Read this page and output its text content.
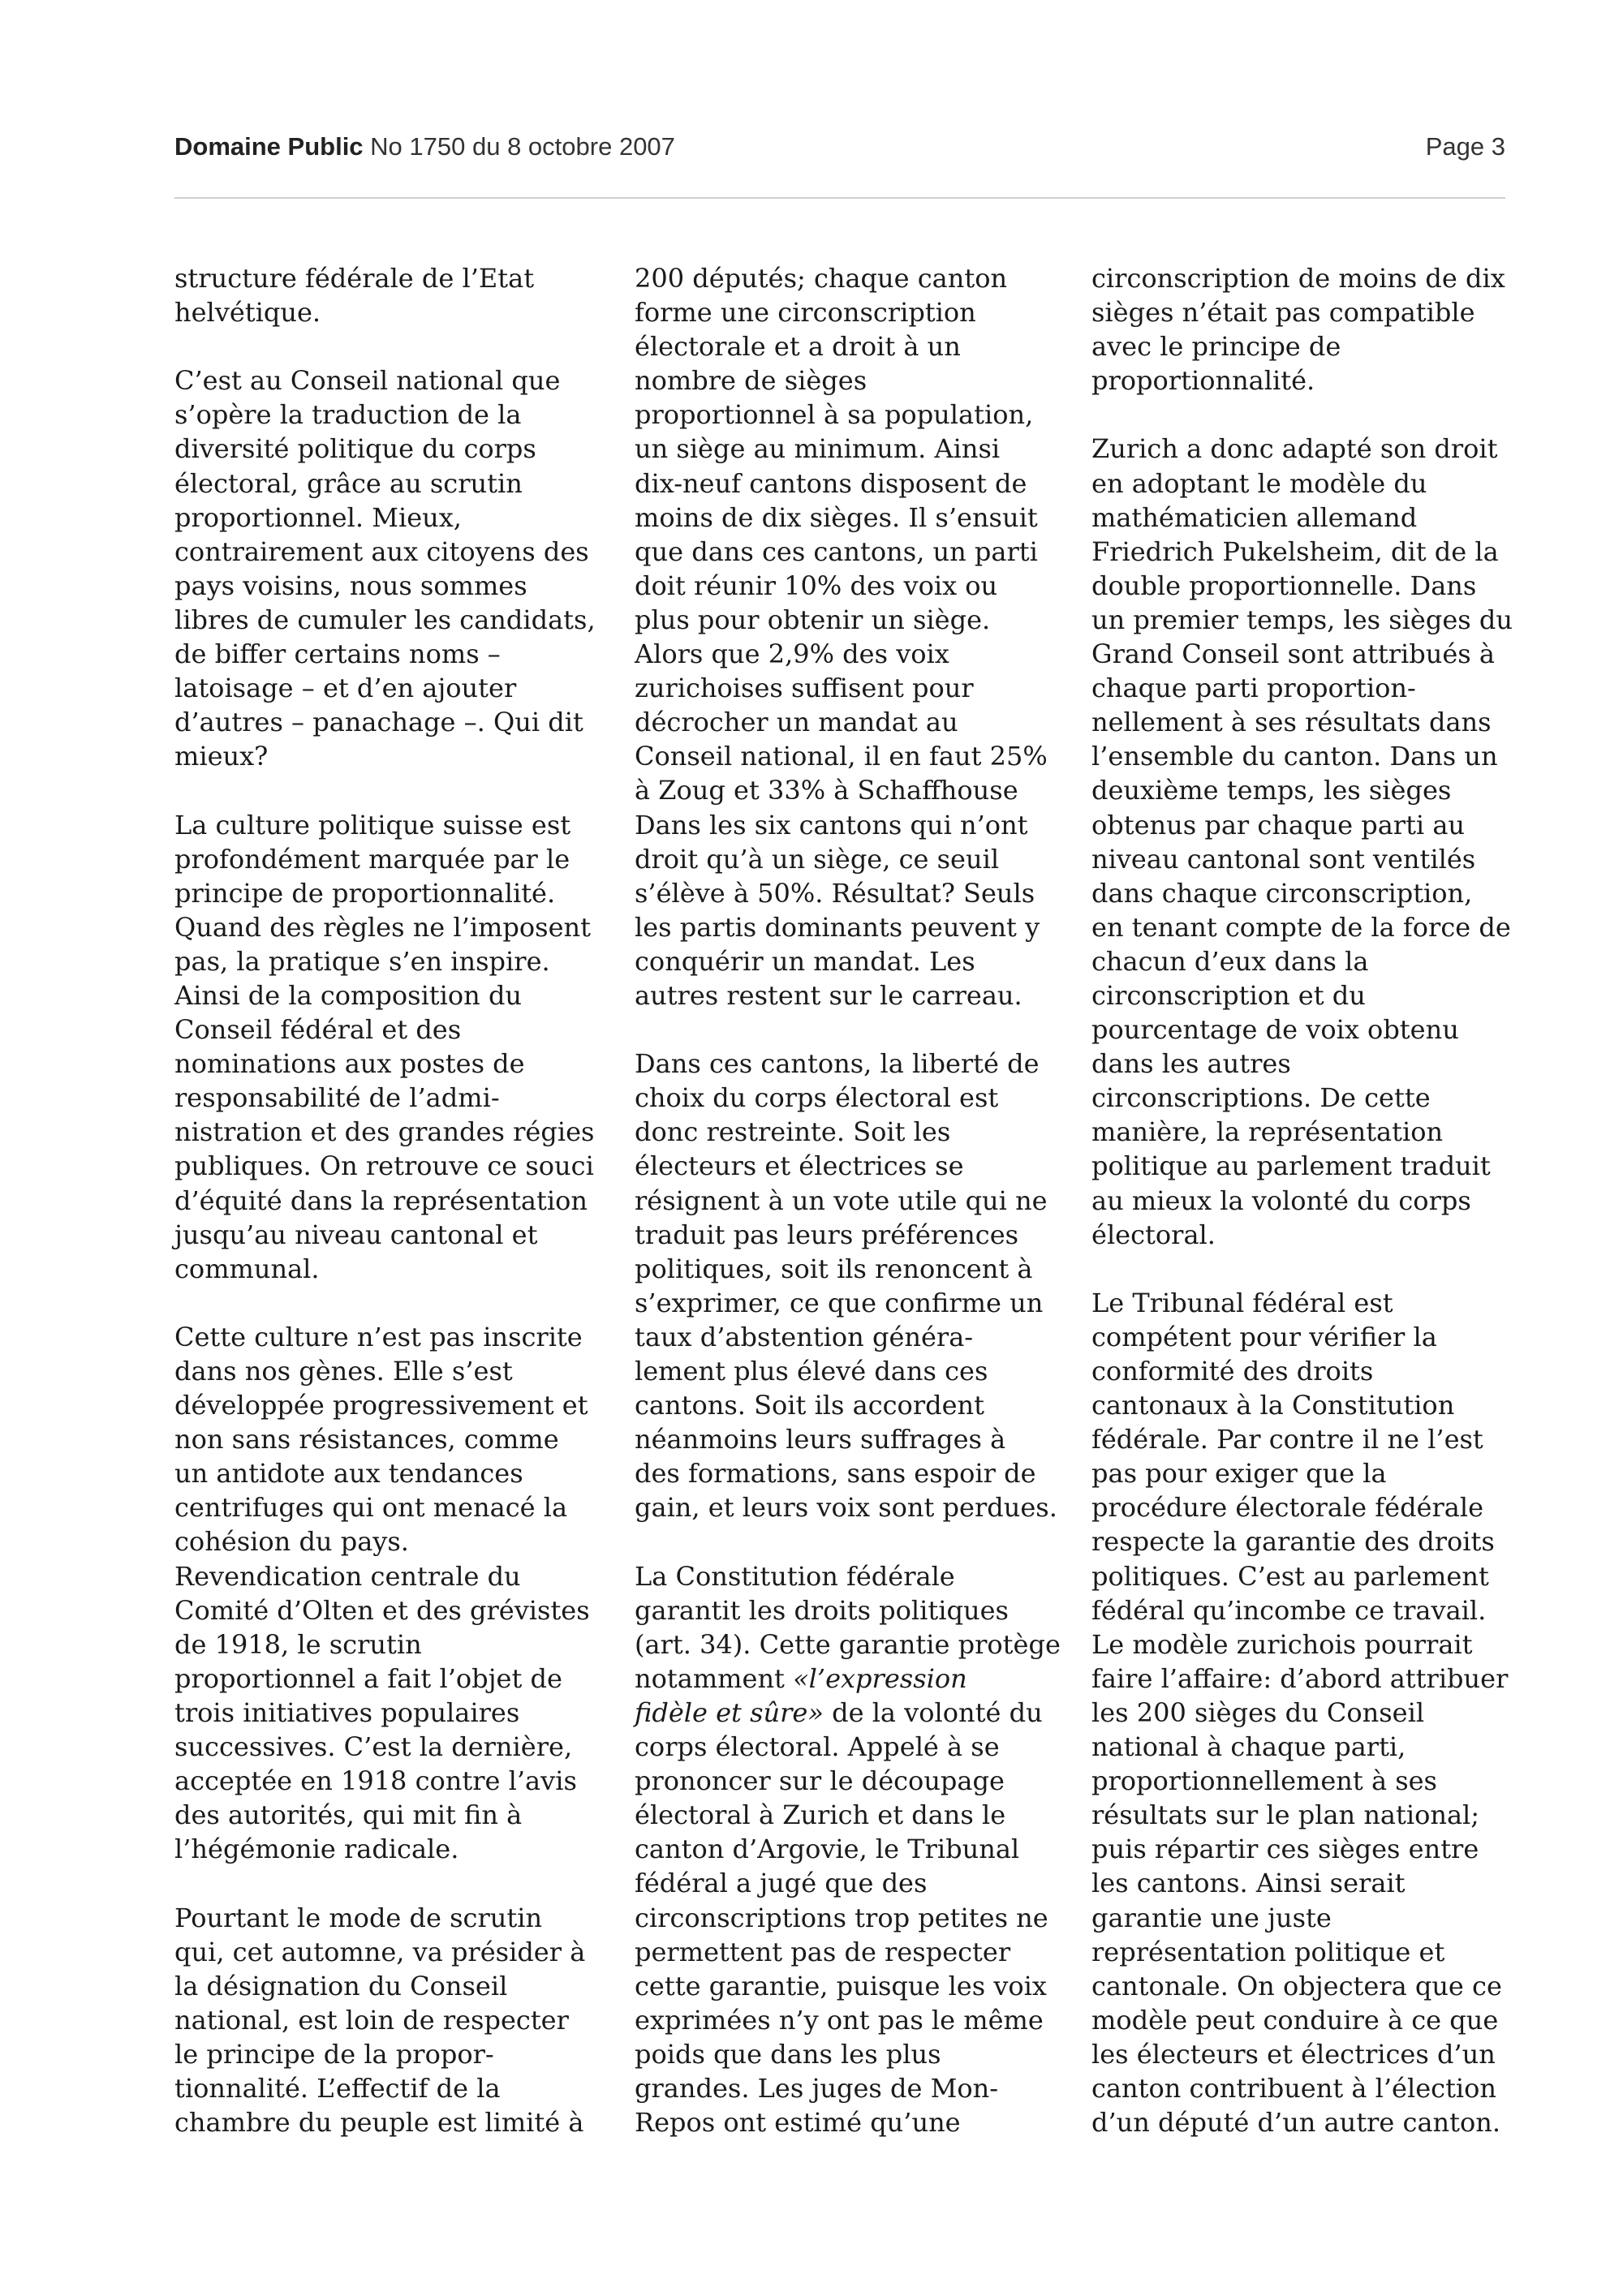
Domaine Public No 1750 du 8 octobre 2007	Page 3

structure fédérale de l’Etat
helvétique.

C’est au Conseil national que
s’opère la traduction de la
diversité politique du corps
électoral, grâce au scrutin
proportionnel. Mieux,
contrairement aux citoyens des
pays voisins, nous sommes
libres de cumuler les candidats,
de biffer certains noms –
latoisage – et d’en ajouter
d’autres – panachage –. Qui dit
mieux?

La culture politique suisse est
profondément marquée par le
principe de proportionnalité.
Quand des règles ne l’imposent
pas, la pratique s’en inspire.
Ainsi de la composition du
Conseil fédéral et des
nominations aux postes de
responsabilité de l’admi-
nistration et des grandes régies
publiques. On retrouve ce souci
d’équité dans la représentation
jusqu’au niveau cantonal et
communal.

Cette culture n’est pas inscrite
dans nos gènes. Elle s’est
développée progressivement et
non sans résistances, comme
un antidote aux tendances
centrifuges qui ont menacé la
cohésion du pays.
Revendication centrale du
Comité d’Olten et des grévistes
de 1918, le scrutin
proportionnel a fait l’objet de
trois initiatives populaires
successives. C’est la dernière,
acceptée en 1918 contre l’avis
des autorités, qui mit fin à
l’hégémonie radicale.

Pourtant le mode de scrutin
qui, cet automne, va présider à
la désignation du Conseil
national, est loin de respecter
le principe de la propor-
tionnalité. L’effectif de la
chambre du peuple est limité à

200 députés; chaque canton
forme une circonscription
électorale et a droit à un
nombre de sièges
proportionnel à sa population,
un siège au minimum. Ainsi
dix-neuf cantons disposent de
moins de dix sièges. Il s’ensuit
que dans ces cantons, un parti
doit réunir 10% des voix ou
plus pour obtenir un siège.
Alors que 2,9% des voix
zurichoises suffisent pour
décrocher un mandat au
Conseil national, il en faut 25%
à Zoug et 33% à Schaffhouse
Dans les six cantons qui n’ont
droit qu’à un siège, ce seuil
s’élève à 50%. Résultat? Seuls
les partis dominants peuvent y
conquérir un mandat. Les
autres restent sur le carreau.

Dans ces cantons, la liberté de
choix du corps électoral est
donc restreinte. Soit les
électeurs et électrices se
résignent à un vote utile qui ne
traduit pas leurs préférences
politiques, soit ils renoncent à
s’exprimer, ce que confirme un
taux d’abstention généra-
lement plus élevé dans ces
cantons. Soit ils accordent
néanmoins leurs suffrages à
des formations, sans espoir de
gain, et leurs voix sont perdues.

La Constitution fédérale
garantit les droits politiques
(art. 34). Cette garantie protège
notamment «l’expression
fidèle et sûre» de la volonté du
corps électoral. Appelé à se
prononcer sur le découpage
électoral à Zurich et dans le
canton d’Argovie, le Tribunal
fédéral a jugé que des
circonscriptions trop petites ne
permettent pas de respecter
cette garantie, puisque les voix
exprimées n’y ont pas le même
poids que dans les plus
grandes. Les juges de Mon-
Repos ont estimé qu’une

circonscription de moins de dix
sièges n’était pas compatible
avec le principe de
proportionnalité.

Zurich a donc adapté son droit
en adoptant le modèle du
mathématicien allemand
Friedrich Pukelsheim, dit de la
double proportionnelle. Dans
un premier temps, les sièges du
Grand Conseil sont attribués à
chaque parti proportion-
nellement à ses résultats dans
l’ensemble du canton. Dans un
deuxième temps, les sièges
obtenus par chaque parti au
niveau cantonal sont ventilés
dans chaque circonscription,
en tenant compte de la force de
chacun d’eux dans la
circonscription et du
pourcentage de voix obtenu
dans les autres
circonscriptions. De cette
manière, la représentation
politique au parlement traduit
au mieux la volonté du corps
électoral.

Le Tribunal fédéral est
compétent pour vérifier la
conformité des droits
cantonaux à la Constitution
fédérale. Par contre il ne l’est
pas pour exiger que la
procédure électorale fédérale
respecte la garantie des droits
politiques. C’est au parlement
fédéral qu’incombe ce travail.
Le modèle zurichois pourrait
faire l’affaire: d’abord attribuer
les 200 sièges du Conseil
national à chaque parti,
proportionnellement à ses
résultats sur le plan national;
puis répartir ces sièges entre
les cantons. Ainsi serait
garantie une juste
représentation politique et
cantonale. On objectera que ce
modèle peut conduire à ce que
les électeurs et électrices d’un
canton contribuent à l’élection
d’un député d’un autre canton.
